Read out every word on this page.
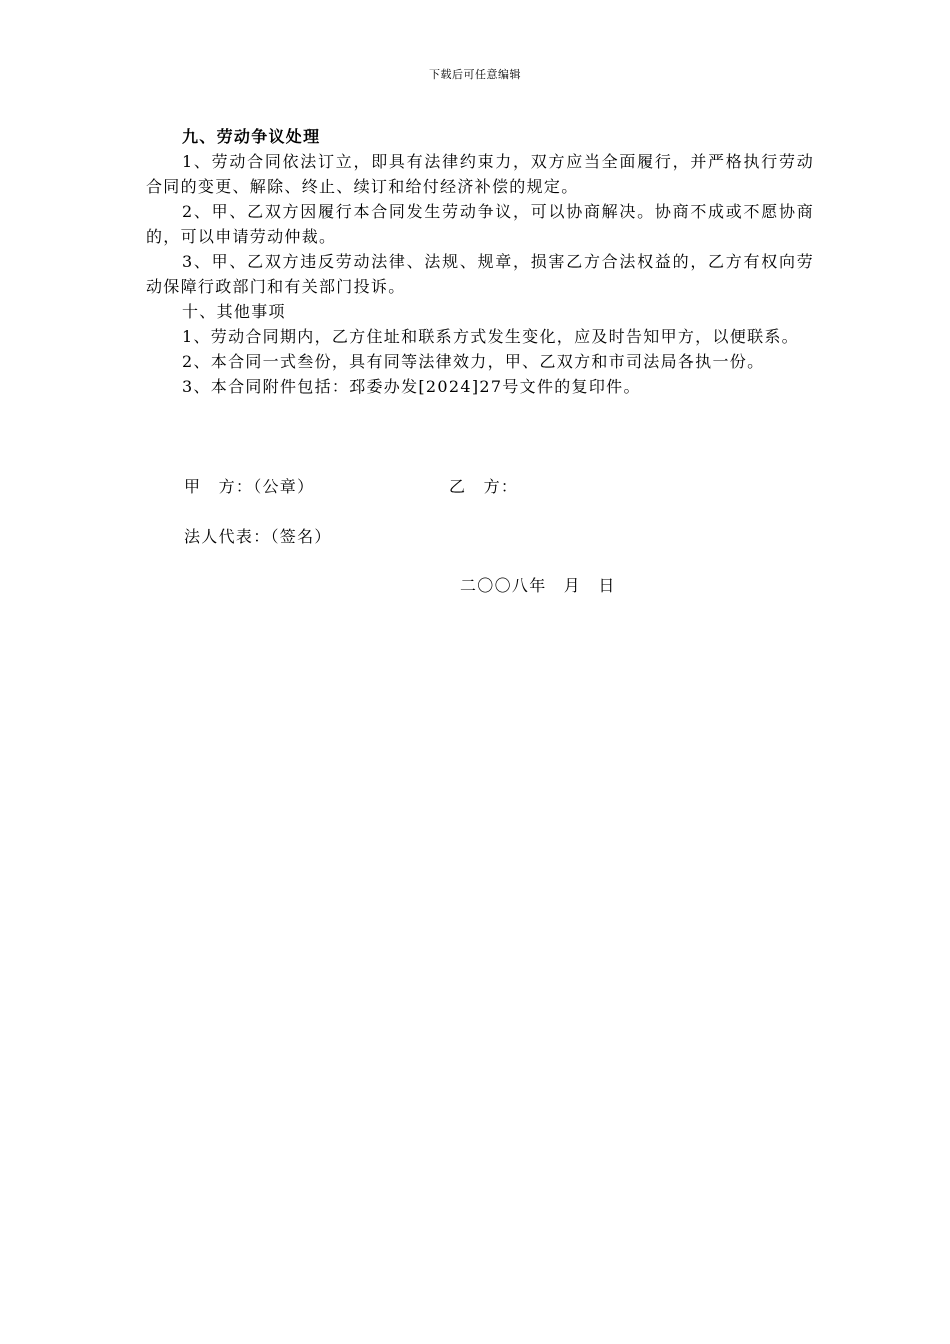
下载后可任意编辑

九、劳动争议处理

1、劳动合同依法订立，即具有法律约束力，双方应当全面履行，并严格执行劳动合同的变更、解除、终止、续订和给付经济补偿的规定。

2、甲、乙双方因履行本合同发生劳动争议，可以协商解决。协商不成或不愿协商的，可以申请劳动仲裁。

3、甲、乙双方违反劳动法律、法规、规章，损害乙方合法权益的，乙方有权向劳动保障行政部门和有关部门投诉。

十、其他事项

1、劳动合同期内，乙方住址和联系方式发生变化，应及时告知甲方，以便联系。

2、本合同一式叁份，具有同等法律效力，甲、乙双方和市司法局各执一份。

3、本合同附件包括：邳委办发[2024]27号文件的复印件。

甲　方：（公章）	乙　方：
法人代表：（签名）
二〇〇八年　月　日
